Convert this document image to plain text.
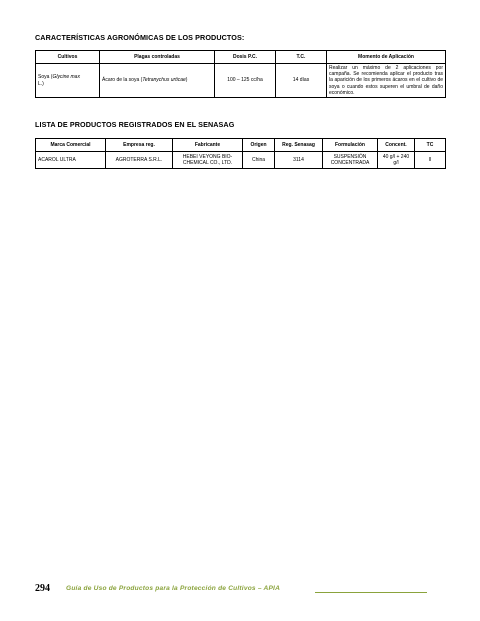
CARACTERÍSTICAS AGRONÓMICAS DE LOS PRODUCTOS:
Cultivos	Plagas controladas	Dosis P.C.	T.C.	Momento de Aplicación
Soya (Glycine max
L.)	Ácaro de la soya (Tetranychus urticae)	100 – 125 cc/ha	14 días	Realizar un máximo de 2 aplicaciones por campaña. Se recomienda aplicar el producto tras la aparición de los primeros ácaros en el cultivo de soya o cuando estos superen el umbral de daño económico.
LISTA DE PRODUCTOS REGISTRADOS EN EL SENASAG
Marca Comercial	Empresa reg.	Fabricante	Origen	Reg. Senasag	Formulación	Concent.	TC
ACAROL ULTRA	AGROTERRA S.R.L.	HEBEI VEYONG BIO-CHEMICAL CO., LTD.	China	3114	SUSPENSIÓN CONCENTRADA	40 g/l + 240 g/l	II
294 Guía de Uso de Productos para la Protección de Cultivos – APIA
